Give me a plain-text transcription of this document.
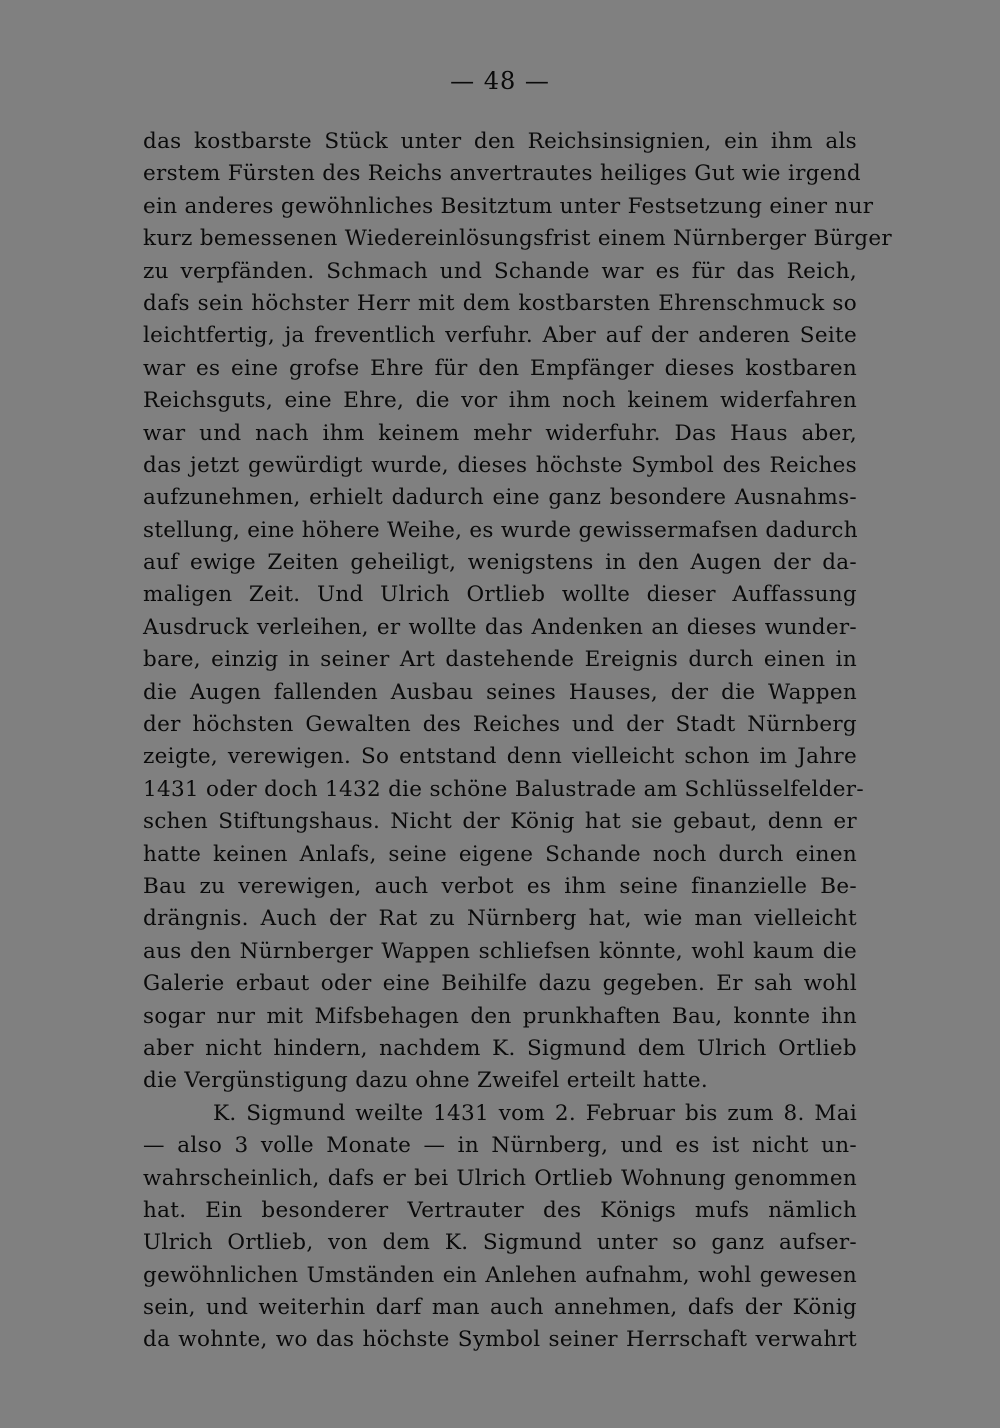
— 48 —
das kostbarste Stück unter den Reichsinsignien, ein ihm als
erstem Fürsten des Reichs anvertrautes heiliges Gut wie irgend
ein anderes gewöhnliches Besitztum unter Festsetzung einer nur
kurz bemessenen Wiedereinlösungsfrist einem Nürnberger Bürger
zu verpfänden. Schmach und Schande war es für das Reich,
dafs sein höchster Herr mit dem kostbarsten Ehrenschmuck so
leichtfertig, ja freventlich verfuhr. Aber auf der anderen Seite
war es eine grofse Ehre für den Empfänger dieses kostbaren
Reichsguts, eine Ehre, die vor ihm noch keinem widerfahren
war und nach ihm keinem mehr widerfuhr. Das Haus aber,
das jetzt gewürdigt wurde, dieses höchste Symbol des Reiches
aufzunehmen, erhielt dadurch eine ganz besondere Ausnahms-
stellung, eine höhere Weihe, es wurde gewissermafsen dadurch
auf ewige Zeiten geheiligt, wenigstens in den Augen der da-
maligen Zeit. Und Ulrich Ortlieb wollte dieser Auffassung
Ausdruck verleihen, er wollte das Andenken an dieses wunder-
bare, einzig in seiner Art dastehende Ereignis durch einen in
die Augen fallenden Ausbau seines Hauses, der die Wappen
der höchsten Gewalten des Reiches und der Stadt Nürnberg
zeigte, verewigen. So entstand denn vielleicht schon im Jahre
1431 oder doch 1432 die schöne Balustrade am Schlüsselfelder-
schen Stiftungshaus. Nicht der König hat sie gebaut, denn er
hatte keinen Anlafs, seine eigene Schande noch durch einen
Bau zu verewigen, auch verbot es ihm seine finanzielle Be-
drängnis. Auch der Rat zu Nürnberg hat, wie man vielleicht
aus den Nürnberger Wappen schliefsen könnte, wohl kaum die
Galerie erbaut oder eine Beihilfe dazu gegeben. Er sah wohl
sogar nur mit Mifsbehagen den prunkhaften Bau, konnte ihn
aber nicht hindern, nachdem K. Sigmund dem Ulrich Ortlieb
die Vergünstigung dazu ohne Zweifel erteilt hatte.
K. Sigmund weilte 1431 vom 2. Februar bis zum 8. Mai
— also 3 volle Monate — in Nürnberg, und es ist nicht un-
wahrscheinlich, dafs er bei Ulrich Ortlieb Wohnung genommen
hat. Ein besonderer Vertrauter des Königs mufs nämlich
Ulrich Ortlieb, von dem K. Sigmund unter so ganz aufser-
gewöhnlichen Umständen ein Anlehen aufnahm, wohl gewesen
sein, und weiterhin darf man auch annehmen, dafs der König
da wohnte, wo das höchste Symbol seiner Herrschaft verwahrt
